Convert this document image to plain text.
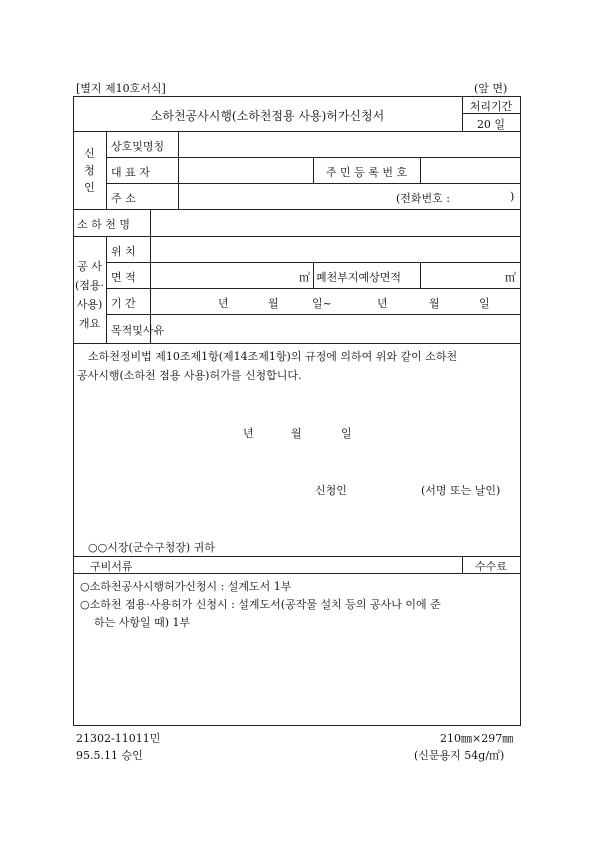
[별지 제10호서식]	(앞 면)
소하천공사시행(소하천점용 사용)허가신청서
처리기간
20 일
신
청
인
상호및명칭
대 표 자	주 민 등 록 번 호
주 소	(전화번호 :	)
소 하 천 명
공 사
(점용·
사용)
개요
위 치
면 적	㎡ 폐천부지예상면적	㎡
기 간	년	월	일~	년	월	일
목적및사유
소하천정비법 제10조제1항(제14조제1항)의 규정에 의하여 위와 같이 소하천
공사시행(소하천 점용 사용)허가를 신청합니다.
년	월	일
신청인	(서명 또는 날인)
○○시장(군수구청장) 귀하
구비서류	수수료
○소하천공사시행허가신청시 : 설계도서 1부
○소하천 점용·사용허가 신청시 : 설계도서(공작물 설치 등의 공사나 이에 준
하는 사항일 때) 1부
21302-11011민	210㎜×297㎜
95.5.11 승인	(신문용지 54g/㎡)
